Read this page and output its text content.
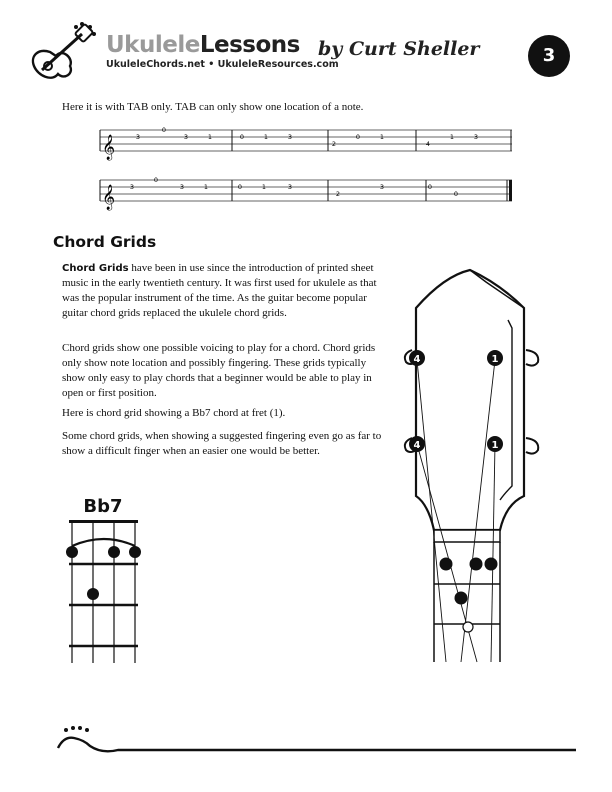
UkuleleLessons by Curt Sheller
UkuleleChords.net • UkuleleResources.com	3
Here it is with TAB only. TAB can only show one location of a note.
𝄞	3
0
3	1	0	1	3
2
0	1
4
1	3
𝄞 3
0
3	1	0	1	3
2
3	0
0
Chord Grids

Chord Grids have been in use since the introduction of printed sheet music in the early twentieth century. It was first used for ukulele as that was the popular instrument of the time. As the guitar become popular guitar chord grids replaced the ukulele chord grids.

Chord grids show one possible voicing to play for a chord. Chord grids only show note location and possibly fingering. These grids typically show only easy to play chords that a beginner would be able to play in open or first position.

Here is chord grid showing a Bb7 chord at fret (1).

Some chord grids, when showing a suggested fingering even go as far to show a difficult finger when an easier one would be better.

Bb7
4	1
4	1
